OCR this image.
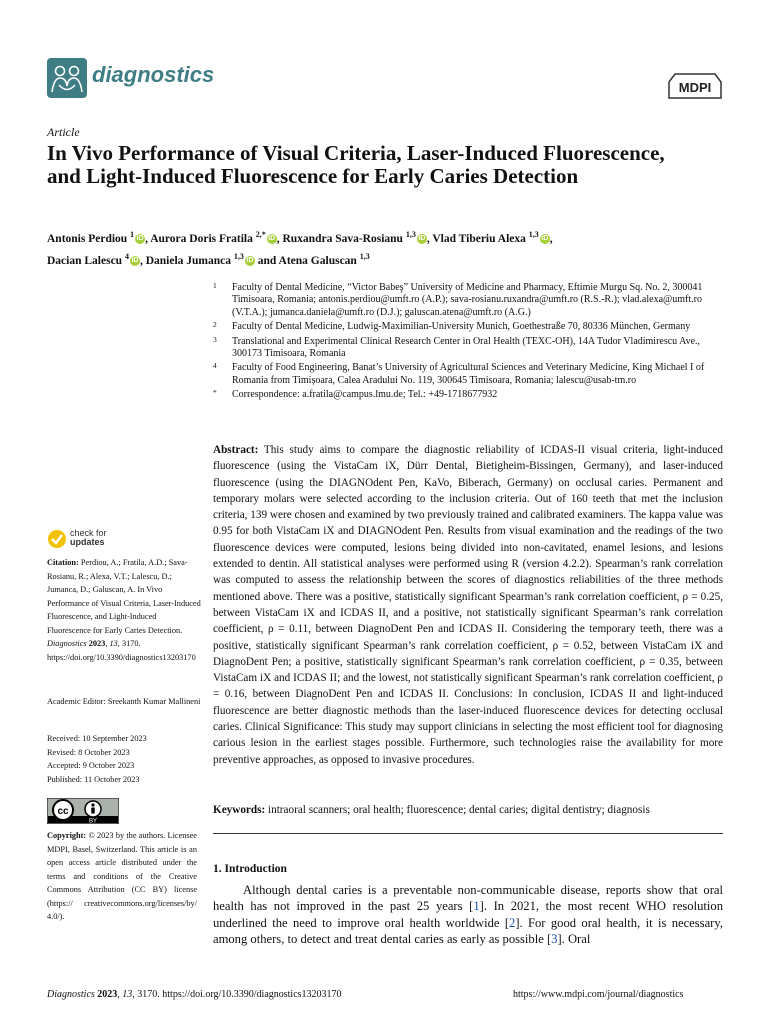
diagnostics
MDPI
Article
In Vivo Performance of Visual Criteria, Laser-Induced Fluorescence, and Light-Induced Fluorescence for Early Caries Detection
Antonis Perdiou $^1$ iD , Aurora Doris Fratila $^{2,*}$ iD , Ruxandra Sava-Rosianu $^{1,3}$ iD , Vlad Tiberiu Alexa $^{1,3}$ iD ,
Dacian Lalescu $^4$ iD , Daniela Jumanca $^{1,3}$ iD and Atena Galuscan $^{1,3}$
1 Faculty of Dental Medicine, “Victor Babeş” University of Medicine and Pharmacy, Eftimie Murgu Sq. No. 2, 300041 Timisoara, Romania; antonis.perdiou@umft.ro (A.P.); sava-rosianu.ruxandra@umft.ro (R.S.-R.); vlad.alexa@umft.ro (V.T.A.); jumanca.daniela@umft.ro (D.J.); galuscan.atena@umft.ro (A.G.)
2 Faculty of Dental Medicine, Ludwig-Maximilian-University Munich, Goethestraße 70, 80336 München, Germany
3 Translational and Experimental Clinical Research Center in Oral Health (TEXC-OH), 14A Tudor Vladimirescu Ave., 300173 Timisoara, Romania
4 Faculty of Food Engineering, Banat’s University of Agricultural Sciences and Veterinary Medicine, King Michael I of Romania from Timișoara, Calea Aradului No. 119, 300645 Timisoara, Romania; lalescu@usab-tm.ro
* Correspondence: a.fratila@campus.lmu.de; Tel.: +49-1718677932
Abstract: This study aims to compare the diagnostic reliability of ICDAS-II visual criteria, light-induced fluorescence (using the VistaCam iX, Dürr Dental, Bietigheim-Bissingen, Germany), and laser-induced fluorescence (using the DIAGNOdent Pen, KaVo, Biberach, Germany) on occlusal caries. Permanent and temporary molars were selected according to the inclusion criteria. Out of 160 teeth that met the inclusion criteria, 139 were chosen and examined by two previously trained and calibrated examiners. The kappa value was 0.95 for both VistaCam iX and DIAGNOdent Pen. Results from visual examination and the readings of the two fluorescence devices were computed, lesions being divided into non-cavitated, enamel lesions, and lesions extended to dentin. All statistical analyses were performed using R (version 4.2.2). Spearman’s rank correlation was computed to assess the relationship between the scores of diagnostics reliabilities of the three methods mentioned above. There was a positive, statistically significant Spearman’s rank correlation coefficient, ρ = 0.25, between VistaCam iX and ICDAS II, and a positive, not statistically significant Spearman’s rank correlation coefficient, ρ = 0.11, between DiagnoDent Pen and ICDAS II. Considering the temporary teeth, there was a positive, statistically significant Spearman’s rank correlation coefficient, ρ = 0.52, between VistaCam iX and DiagnoDent Pen; a positive, statistically significant Spearman’s rank correlation coefficient, ρ = 0.35, between VistaCam iX and ICDAS II; and the lowest, not statistically significant Spearman’s rank correlation coefficient, ρ = 0.16, between DiagnoDent Pen and ICDAS II. Conclusions: In conclusion, ICDAS II and light-induced fluorescence are better diagnostic methods than the laser-induced fluorescence devices for detecting occlusal caries. Clinical Significance: This study may support clinicians in selecting the most efficient tool for diagnosing carious lesion in the earliest stages possible. Furthermore, such technologies raise the availability for more preventive approaches, as opposed to invasive procedures.
Keywords: intraoral scanners; oral health; fluorescence; dental caries; digital dentistry; diagnosis
1. Introduction

Although dental caries is a preventable non-communicable disease, reports show that oral health has not improved in the past 25 years [1]. In 2021, the most recent WHO resolution underlined the need to improve oral health worldwide [2]. For good oral health, it is necessary, among others, to detect and treat dental caries as early as possible [3]. Oral

check for
updates
Citation: Perdiou, A.; Fratila, A.D.; Sava-Rosianu, R.; Alexa, V.T.; Lalescu, D.; Jumanca, D.; Galuscan, A. In Vivo Performance of Visual Criteria, Laser-Induced Fluorescence, and Light-Induced Fluorescence for Early Caries Detection. Diagnostics 2023, 13, 3170. https://doi.org/10.3390/diagnostics13203170
Academic Editor: Sreekanth Kumar Mallineni
Received: 10 September 2023
Revised: 8 October 2023
Accepted: 9 October 2023
Published: 11 October 2023
cc
BY
Copyright: © 2023 by the authors. Licensee MDPI, Basel, Switzerland. This article is an open access article distributed under the terms and conditions of the Creative Commons Attribution (CC BY) license (https:// creativecommons.org/licenses/by/ 4.0/).
Diagnostics 2023, 13, 3170. https://doi.org/10.3390/diagnostics13203170	https://www.mdpi.com/journal/diagnostics
